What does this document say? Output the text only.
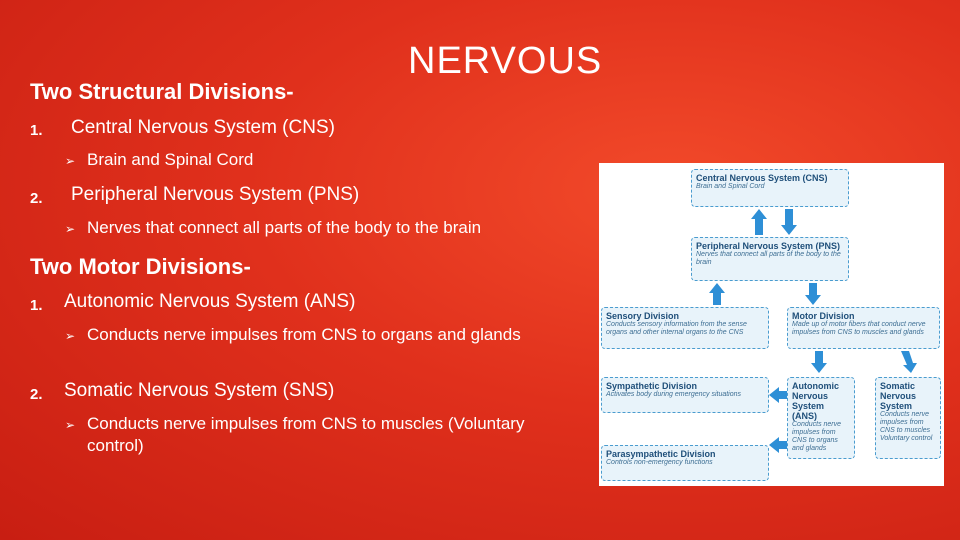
NERVOUS
Two Structural Divisions-
1. Central Nervous System (CNS)
➢ Brain and Spinal Cord
2. Peripheral Nervous System (PNS)
➢ Nerves that connect all parts of the body to the brain
Two Motor Divisions-
1. Autonomic Nervous System (ANS)
➢ Conducts nerve impulses from CNS to organs and glands
2. Somatic Nervous System (SNS)
➢ Conducts nerve impulses from CNS to muscles (Voluntary control)
Central Nervous System (CNS)
Brain and Spinal Cord
Peripheral Nervous System (PNS)
Nerves that connect all parts of the body to the brain
Sensory Division
Conducts sensory information from the sense organs and other internal organs to the CNS
Motor Division
Made up of motor fibers that conduct nerve impulses from CNS to muscles and glands
Sympathetic Division
Activates body during emergency situations
Autonomic Nervous System (ANS)
Conducts nerve impulses from CNS to organs and glands
Somatic Nervous System
Conducts nerve impulses from CNS to muscles Voluntary control
Parasympathetic Division
Controls non-emergency functions
